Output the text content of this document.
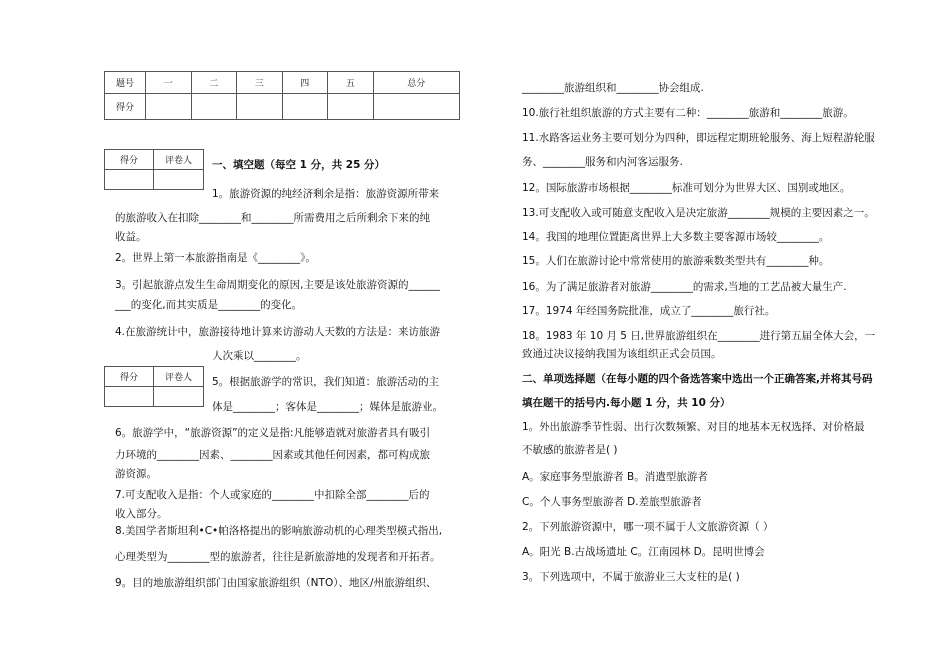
题号	一	二	三	四	五	总分
得分						
得分	评卷人

得分	评卷人

一、填空题（每空 1 分，共 25 分）
1。旅游资源的纯经济剩余是指：旅游资源所带来
的旅游收入在扣除________和________所需费用之后所剩余下来的纯
收益。
2。世界上第一本旅游指南是《________》。
3。引起旅游点发生生命周期变化的原因,主要是该处旅游资源的______
___的变化,而其实质是________的变化。
4.在旅游统计中，旅游接待地计算来访游动人天数的方法是：来访旅游
人次乘以________。
5。根据旅游学的常识，我们知道：旅游活动的主
体是________；客体是________；媒体是旅游业。
6。旅游学中，“旅游资源”的定义是指:凡能够造就对旅游者具有吸引
力环境的________因素、________因素或其他任何因素，都可构成旅
游资源。
7.可支配收入是指：个人或家庭的________中扣除全部________后的
收入部分。
8.美国学者斯坦利•C•帕洛格提出的影响旅游动机的心理类型模式指出,
心理类型为________型的旅游者，往往是新旅游地的发现者和开拓者。
9。目的地旅游组织部门由国家旅游组织（NTO）、地区/州旅游组织、
________旅游组织和________协会组成.
10.旅行社组织旅游的方式主要有二种：________旅游和________旅游。
11.水路客运业务主要可划分为四种，即远程定期班轮服务、海上短程游轮服
务、________服务和内河客运服务.
12。国际旅游市场根据________标准可划分为世界大区、国别或地区。
13.可支配收入或可随意支配收入是决定旅游________规模的主要因素之一。
14。我国的地理位置距离世界上大多数主要客源市场较________。
15。人们在旅游讨论中常常使用的旅游乘数类型共有________种。
16。为了满足旅游者对旅游________的需求,当地的工艺品被大量生产.
17。1974 年经国务院批准，成立了________旅行社。
18。1983 年 10 月 5 日,世界旅游组织在________进行第五届全体大会，一
致通过决议接纳我国为该组织正式会员国。
二、单项选择题（在每小题的四个备选答案中选出一个正确答案,并将其号码
填在题干的括号内.每小题 1 分，共 10 分）
1。外出旅游季节性弱、出行次数频繁、对目的地基本无权选择、对价格最
不敏感的旅游者是( )
A。家庭事务型旅游者 B。消遣型旅游者
C。个人事务型旅游者 D.差旅型旅游者
2。下列旅游资源中，哪一项不属于人文旅游资源（ ）
A。阳光 B.古战场遗址 C。江南园林 D。昆明世博会
3。下列选项中，不属于旅游业三大支柱的是( )
